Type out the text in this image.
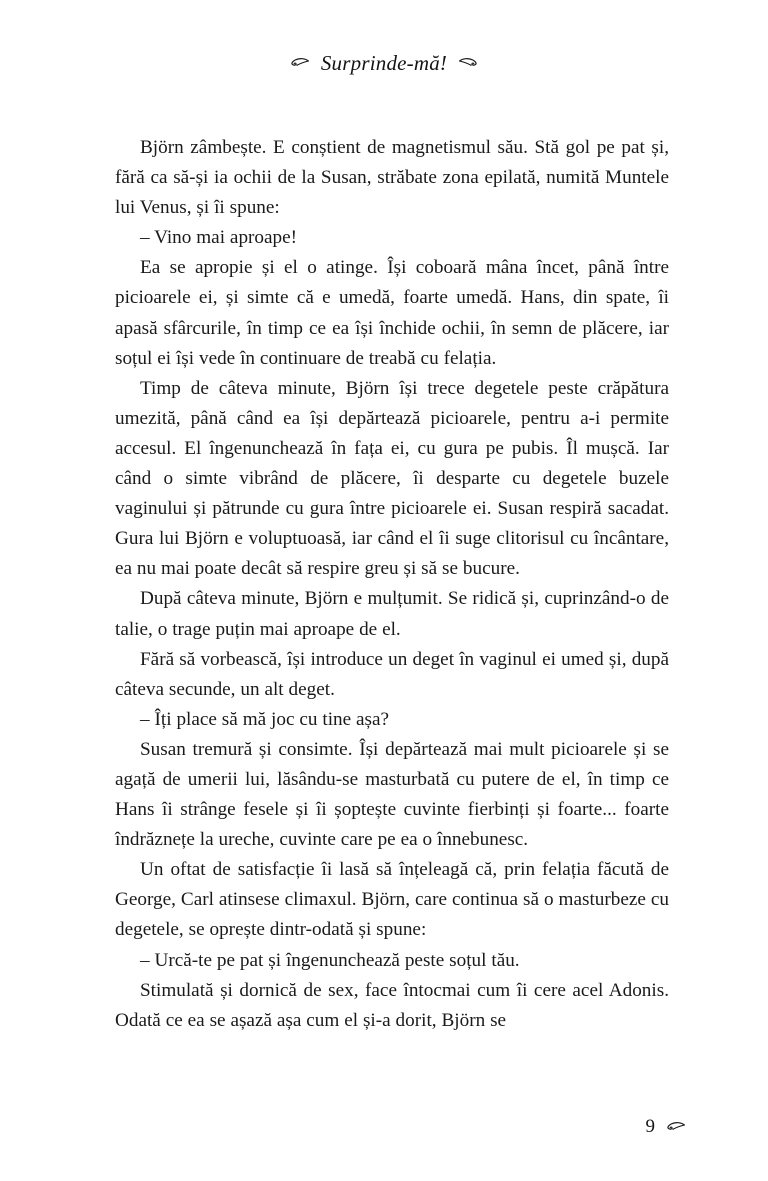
Surprinde-mă!

Björn zâmbește. E conștient de magnetismul său. Stă gol pe pat și, fără ca să-și ia ochii de la Susan, străbate zona epilată, numită Muntele lui Venus, și îi spune:

– Vino mai aproape!

Ea se apropie și el o atinge. Își coboară mâna încet, până între picioarele ei, și simte că e umedă, foarte umedă. Hans, din spate, îi apasă sfârcurile, în timp ce ea își închide ochii, în semn de plăcere, iar soțul ei își vede în continuare de treabă cu felația.

Timp de câteva minute, Björn își trece degetele peste crăpătura umezită, până când ea își depărtează picioarele, pentru a-i permite accesul. El îngenunchează în fața ei, cu gura pe pubis. Îl mușcă. Iar când o simte vibrând de plăcere, îi desparte cu degetele buzele vaginului și pătrunde cu gura între picioarele ei. Susan respiră sacadat. Gura lui Björn e voluptuoasă, iar când el îi suge clitorisul cu încântare, ea nu mai poate decât să respire greu și să se bucure.

După câteva minute, Björn e mulțumit. Se ridică și, cuprinzând-o de talie, o trage puțin mai aproape de el.

Fără să vorbească, își introduce un deget în vaginul ei umed și, după câteva secunde, un alt deget.

– Îți place să mă joc cu tine așa?

Susan tremură și consimte. Își depărtează mai mult picioarele și se agață de umerii lui, lăsându-se masturbată cu putere de el, în timp ce Hans îi strânge fesele și îi șoptește cuvinte fierbinți și foarte... foarte îndrăznețe la ureche, cuvinte care pe ea o înnebunesc.

Un oftat de satisfacție îi lasă să înțeleagă că, prin felația făcută de George, Carl atinsese climaxul. Björn, care continua să o masturbeze cu degetele, se oprește dintr-odată și spune:

– Urcă-te pe pat și îngenunchează peste soțul tău.

Stimulată și dornică de sex, face întocmai cum îi cere acel Adonis. Odată ce ea se așază așa cum el și-a dorit, Björn se

9
